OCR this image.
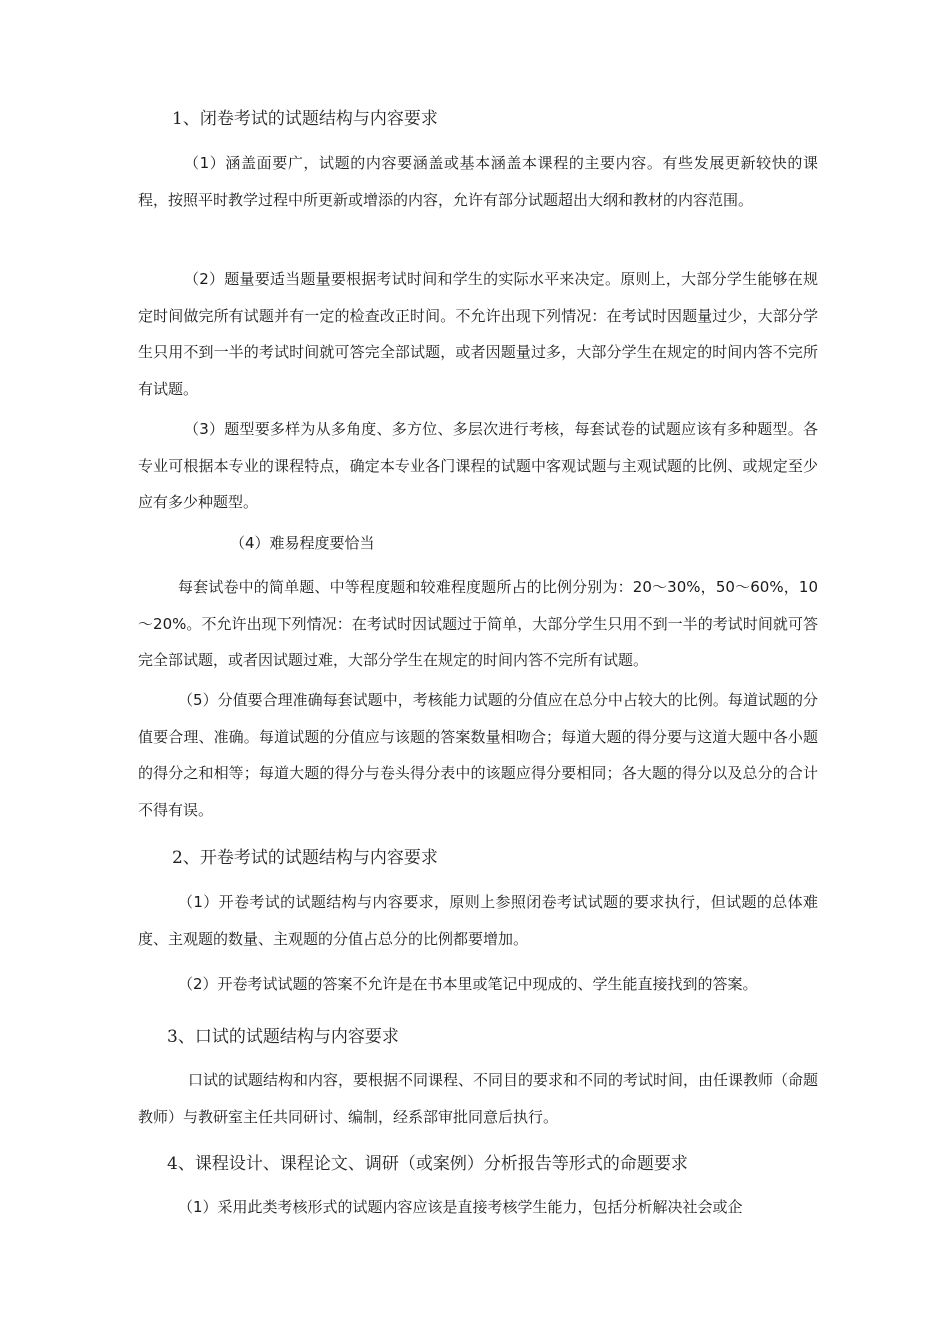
1、闭卷考试的试题结构与内容要求

（1）涵盖面要广，试题的内容要涵盖或基本涵盖本课程的主要内容。有些发展更新较快的课程，按照平时教学过程中所更新或增添的内容，允许有部分试题超出大纲和教材的内容范围。

（2）题量要适当题量要根据考试时间和学生的实际水平来决定。原则上，大部分学生能够在规定时间做完所有试题并有一定的检查改正时间。不允许出现下列情况：在考试时因题量过少，大部分学生只用不到一半的考试时间就可答完全部试题，或者因题量过多，大部分学生在规定的时间内答不完所有试题。

（3）题型要多样为从多角度、多方位、多层次进行考核，每套试卷的试题应该有多种题型。各专业可根据本专业的课程特点，确定本专业各门课程的试题中客观试题与主观试题的比例、或规定至少应有多少种题型。

（4）难易程度要恰当

每套试卷中的简单题、中等程度题和较难程度题所占的比例分别为：20～30%，50～60%，10～20%。不允许出现下列情况：在考试时因试题过于简单，大部分学生只用不到一半的考试时间就可答完全部试题，或者因试题过难，大部分学生在规定的时间内答不完所有试题。

（5）分值要合理准确每套试题中，考核能力试题的分值应在总分中占较大的比例。每道试题的分值要合理、准确。每道试题的分值应与该题的答案数量相吻合；每道大题的得分要与这道大题中各小题的得分之和相等；每道大题的得分与卷头得分表中的该题应得分要相同；各大题的得分以及总分的合计不得有误。

2、开卷考试的试题结构与内容要求

（1）开卷考试的试题结构与内容要求，原则上参照闭卷考试试题的要求执行，但试题的总体难度、主观题的数量、主观题的分值占总分的比例都要增加。

（2）开卷考试试题的答案不允许是在书本里或笔记中现成的、学生能直接找到的答案。

3、口试的试题结构与内容要求

口试的试题结构和内容，要根据不同课程、不同目的要求和不同的考试时间，由任课教师（命题教师）与教研室主任共同研讨、编制，经系部审批同意后执行。

4、课程设计、课程论文、调研（或案例）分析报告等形式的命题要求

（1）采用此类考核形式的试题内容应该是直接考核学生能力，包括分析解决社会或企
